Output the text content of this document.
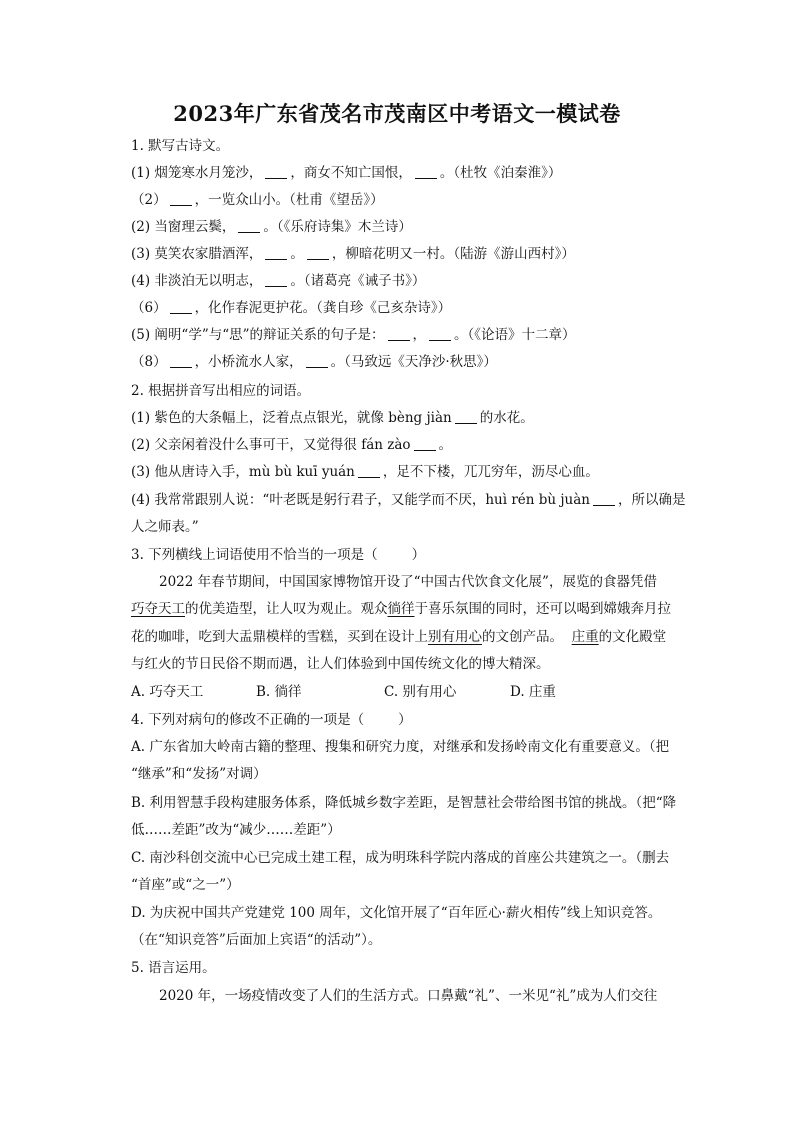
2023年广东省茂名市茂南区中考语文一模试卷
1. 默写古诗文。
(1) 烟笼寒水月笼沙， ，商女不知亡国恨， 。（杜牧《泊秦淮》）
（2） ，一览众山小。（杜甫《望岳》）
(2) 当窗理云鬓， 。（《乐府诗集》木兰诗）
(3) 莫笑农家腊酒浑， 。 ，柳暗花明又一村。（陆游《游山西村》）
(4) 非淡泊无以明志， 。（诸葛亮《诫子书》）
（6） ，化作春泥更护花。（龚自珍《己亥杂诗》）
(5) 阐明“学”与“思”的辩证关系的句子是： ， 。（《论语》十二章）
（8） ，小桥流水人家， 。（马致远《天净沙·秋思》）
2. 根据拼音写出相应的词语。
(1) 紫色的大条幅上，泛着点点银光，就像 bèng jiàn 的水花。
(2) 父亲闲着没什么事可干，又觉得很 fán zào 。
(3) 他从唐诗入手，mù bù kuī yuán ，足不下楼，兀兀穷年，沥尽心血。
(4) 我常常跟别人说：“叶老既是躬行君子，又能学而不厌，huì rén bù juàn ，所以确是
人之师表。”
3. 下列横线上词语使用不恰当的一项是（	）
2022 年春节期间，中国国家博物馆开设了“中国古代饮食文化展”，展览的食器凭借
巧夺天工的优美造型，让人叹为观止。观众徜徉于喜乐氛围的同时，还可以喝到嫦娥奔月拉
花的咖啡，吃到大盂鼎模样的雪糕，买到在设计上别有用心的文创产品。 庄重的文化殿堂
与红火的节日民俗不期而遇，让人们体验到中国传统文化的博大精深。
A. 巧夺天工	B. 徜徉	C. 别有用心	D. 庄重
4. 下列对病句的修改不正确的一项是（	）
A. 广东省加大岭南古籍的整理、搜集和研究力度，对继承和发扬岭南文化有重要意义。（把
“继承”和“发扬”对调）
B. 利用智慧手段构建服务体系，降低城乡数字差距，是智慧社会带给图书馆的挑战。（把“降
低……差距”改为“减少……差距”）
C. 南沙科创交流中心已完成土建工程，成为明珠科学院内落成的首座公共建筑之一。（删去
“首座”或“之一”）
D. 为庆祝中国共产党建党 100 周年，文化馆开展了“百年匠心·薪火相传”线上知识竞答。
（在“知识竞答”后面加上宾语“的活动”）。
5. 语言运用。
2020 年，一场疫情改变了人们的生活方式。口鼻戴“礼”、一米见“礼”成为人们交往
